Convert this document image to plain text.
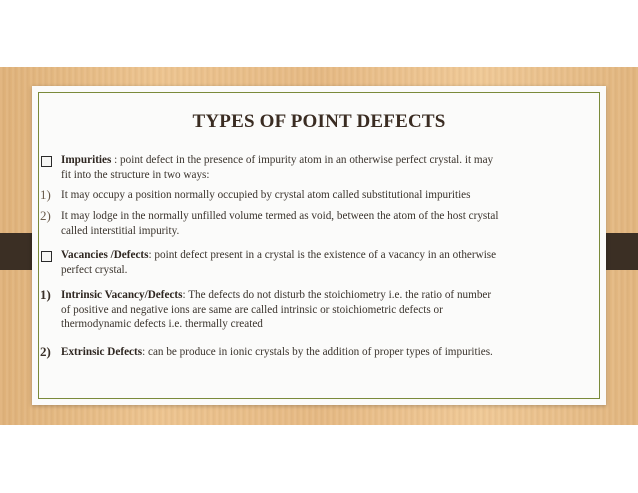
TYPES OF POINT DEFECTS
Impurities : point defect in the presence of impurity atom in an otherwise perfect crystal. it may
fit into the structure in two ways:
1) It may occupy a position normally occupied by crystal atom called substitutional impurities
2) It may lodge in the normally unfilled volume termed as void, between the atom of the host crystal
called interstitial impurity.
Vacancies /Defects: point defect present in a crystal is the existence of a vacancy in an otherwise
perfect crystal.
1) Intrinsic Vacancy/Defects: The defects do not disturb the stoichiometry i.e. the ratio of number
of positive and negative ions are same are called intrinsic or stoichiometric defects or
thermodynamic defects i.e. thermally created
2) Extrinsic Defects: can be produce in ionic crystals by the addition of proper types of impurities.
